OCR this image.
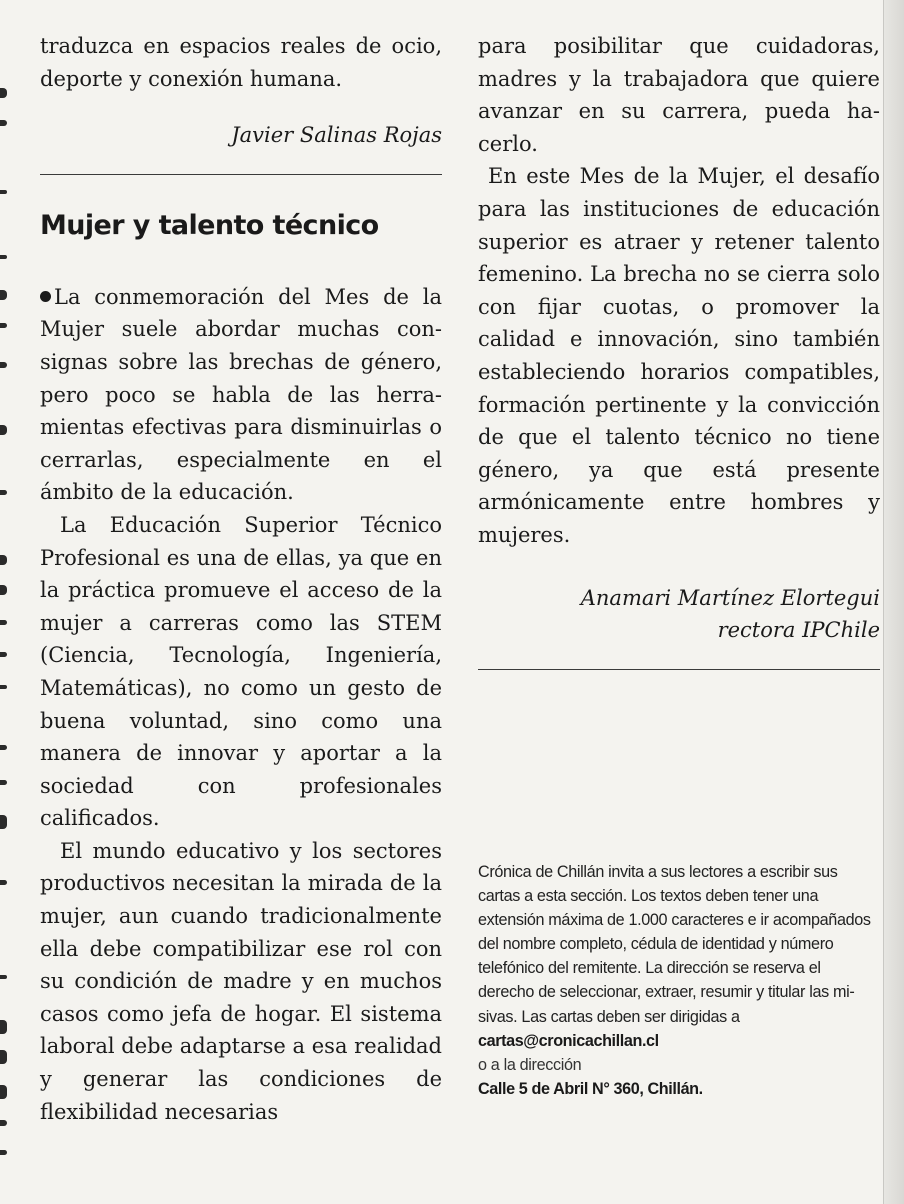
traduzca en espacios reales de ocio, deporte y conexión humana.

Javier Salinas Rojas

Mujer y talento técnico

La conmemoración del Mes de la Mujer suele abordar muchas consignas sobre las brechas de género, pero poco se habla de las herramientas efectivas para disminuirlas o cerrarlas, especialmente en el ámbito de la educación.

La Educación Superior Técnico Profesional es una de ellas, ya que en la práctica promueve el acceso de la mujer a carreras como las STEM (Ciencia, Tecnología, Ingeniería, Matemáticas), no como un gesto de buena voluntad, sino como una manera de innovar y aportar a la sociedad con profesionales calificados.

El mundo educativo y los sectores productivos necesitan la mirada de la mujer, aun cuando tradicionalmente ella debe compatibilizar ese rol con su condición de madre y en muchos casos como jefa de hogar. El sistema laboral debe adaptarse a esa realidad y generar las condiciones de flexibilidad necesarias

para posibilitar que cuidadoras, madres y la trabajadora que quiere avanzar en su carrera, pueda hacerlo.

En este Mes de la Mujer, el desafío para las instituciones de educación superior es atraer y retener talento femenino. La brecha no se cierra solo con fijar cuotas, o promover la calidad e innovación, sino también estableciendo horarios compatibles, formación pertinente y la convicción de que el talento técnico no tiene género, ya que está presente armónicamente entre hombres y mujeres.

Anamari Martínez Elortegui

rectora IPChile

Crónica de Chillán invita a sus lectores a escribir sus cartas a esta sección. Los textos deben tener una extensión máxima de 1.000 caracteres e ir acompañados del nombre completo, cédula de identidad y número telefónico del remitente. La dirección se reserva el derecho de seleccionar, extraer, resumir y titular las misivas. Las cartas deben ser dirigidas a

cartas@cronicachillan.cl

o a la dirección

Calle 5 de Abril N° 360, Chillán.
